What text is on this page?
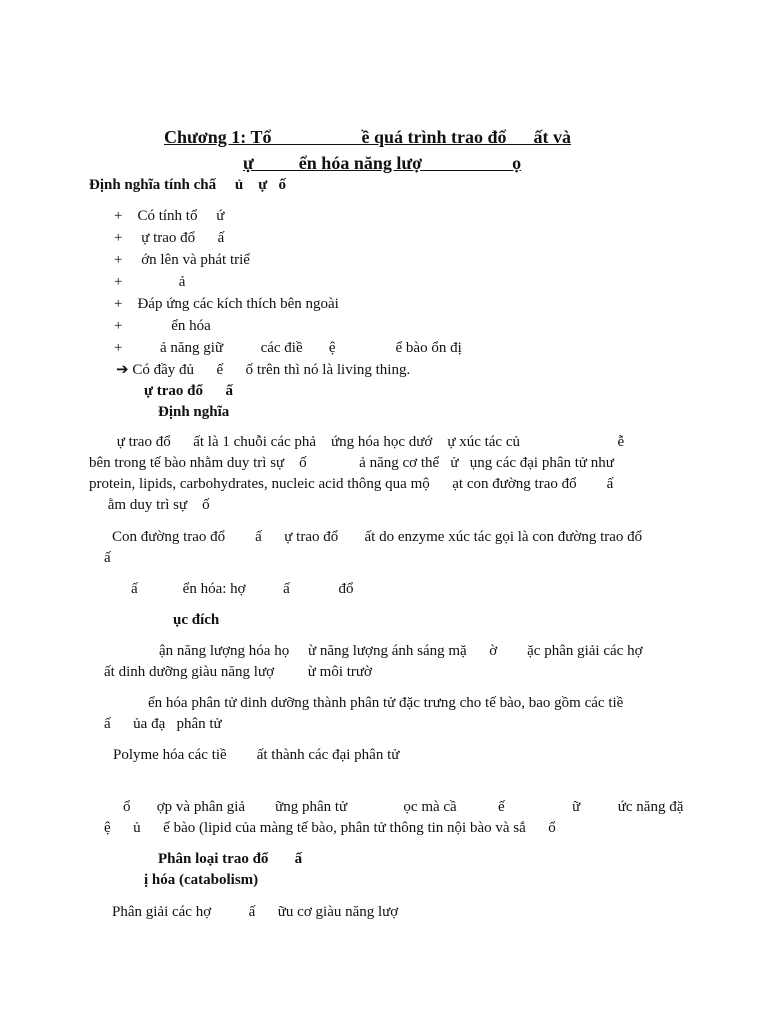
Chương 1: Tổ                    ề quá trình trao đổ      ất và
ự          ển hóa năng lượ                    ọ
Định nghĩa tính chấ     ủ    ự   ố
+    Có tính tổ     ứ
+     ự trao đổ      ấ
+     ớn lên và phát triể
+               ả
+    Đáp ứng các kích thích bên ngoài
+             ển hóa
+          ả năng giữ          các điề       ệ                ể bào ổn đị
➔ Có đầy đủ      ế      ố trên thì nó là living thing.
ự trao đổ      ấ
Định nghĩa
ự trao đổ      ất là 1 chuỗi các phả    ứng hóa học dướ    ự xúc tác củ                          ễ
bên trong tế bào nhằm duy trì sự    ố              ả năng cơ thể   ử   ụng các đại phân tử như
protein, lipids, carbohydrates, nucleic acid thông qua mộ      ạt con đường trao đổ        ấ
ằm duy trì sự    ố
Con đường trao đổ        ấ      ự trao đổ       ất do enzyme xúc tác gọi là con đường trao đổ
ấ
ấ            ển hóa: hợ          ấ             đổ
ục đích
ận năng lượng hóa họ     ừ năng lượng ánh sáng mặ      ờ        ặc phân giải các hợ
ất dinh dưỡng giàu năng lượ         ừ môi trườ
ển hóa phân tử dinh dưỡng thành phân tử đặc trưng cho tế bào, bao gồm các tiề
ấ      ủa đạ   phân tử
Polyme hóa các tiề        ất thành các đại phân tử
ổ       ợp và phân giả        ững phân tử               ọc mà cầ           ế                  ữ          ức năng đặ
ệ      ủ      ế bào (lipid của màng tế bào, phân tử thông tin nội bào và sắ      ổ
Phân loại trao đổ       ấ
ị hóa (catabolism)
Phân giải các hợ          ấ      ữu cơ giàu năng lượ
